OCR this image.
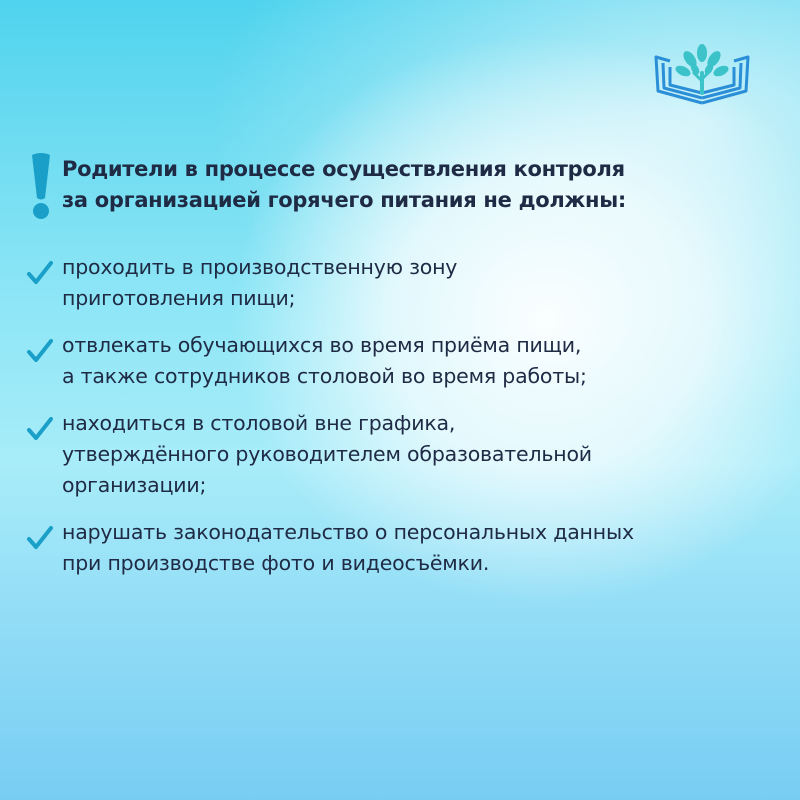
Родители в процессе осуществления контроля
за организацией горячего питания не должны:
проходить в производственную зону
приготовления пищи;
отвлекать обучающихся во время приёма пищи,
а также сотрудников столовой во время работы;
находиться в столовой вне графика,
утверждённого руководителем образовательной
организации;
нарушать законодательство о персональных данных
при производстве фото и видеосъёмки.
